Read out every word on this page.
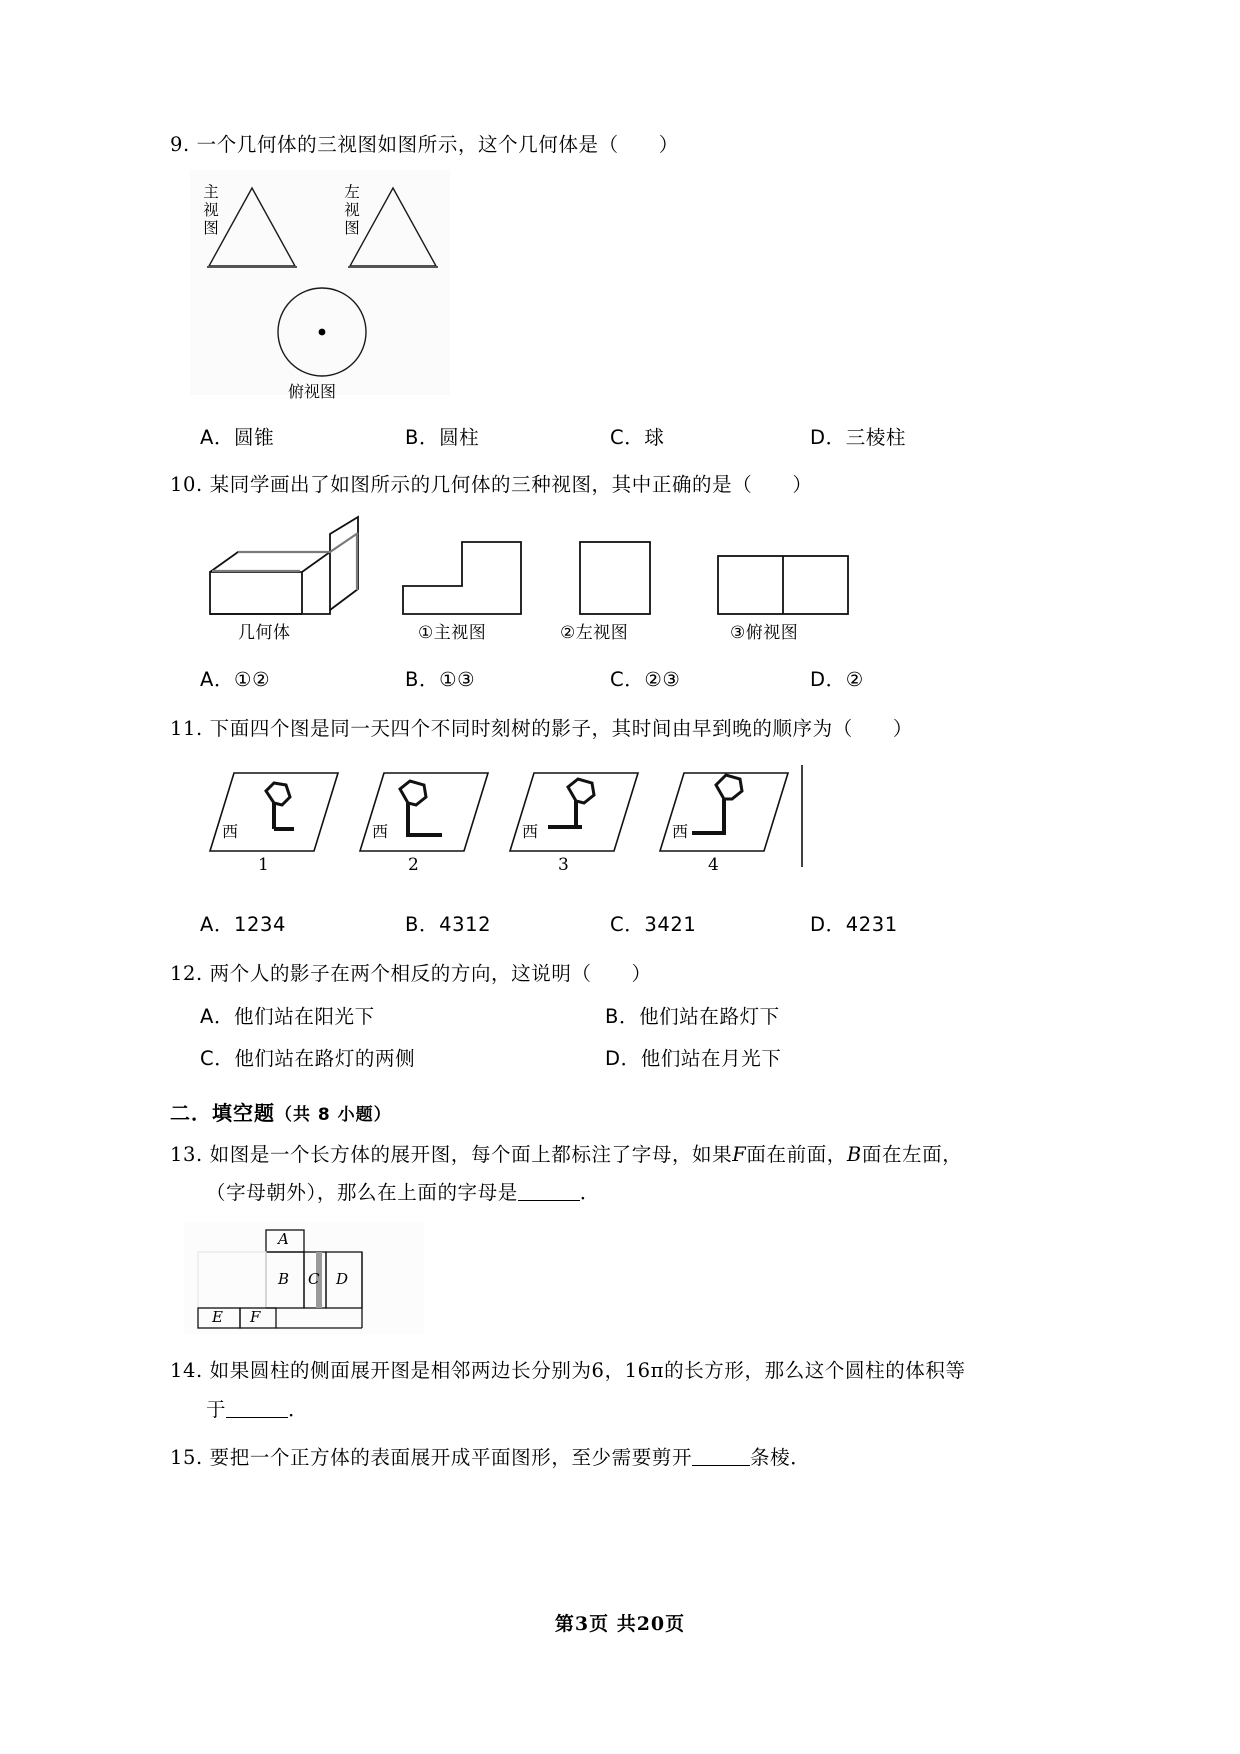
9. 一个几何体的三视图如图所示，这个几何体是（ ）
主视图
左视图
俯视图
A．圆锥	B．圆柱	C．球	D．三棱柱
10. 某同学画出了如图所示的几何体的三种视图，其中正确的是（ ）
几何体	①主视图	②左视图	③俯视图
A．①②	B．①③	C．②③	D．②
11. 下面四个图是同一天四个不同时刻树的影子，其时间由早到晚的顺序为（ ）
西	西	西	西
1	2	3	4
A．1234	B．4312	C．3421	D．4231
12. 两个人的影子在两个相反的方向，这说明（ ）
A．他们站在阳光下	B．他们站在路灯下
C．他们站在路灯的两侧	D．他们站在月光下
二．填空题（共 8 小题）
13. 如图是一个长方体的展开图，每个面上都标注了字母，如果F面在前面，B面在左面，
（字母朝外），那么在上面的字母是	．
A
B C D
E F
14. 如果圆柱的侧面展开图是相邻两边长分别为6，16π的长方形，那么这个圆柱的体积等
于	．
15. 要把一个正方体的表面展开成平面图形，至少需要剪开	条棱．
第3页 共20页
